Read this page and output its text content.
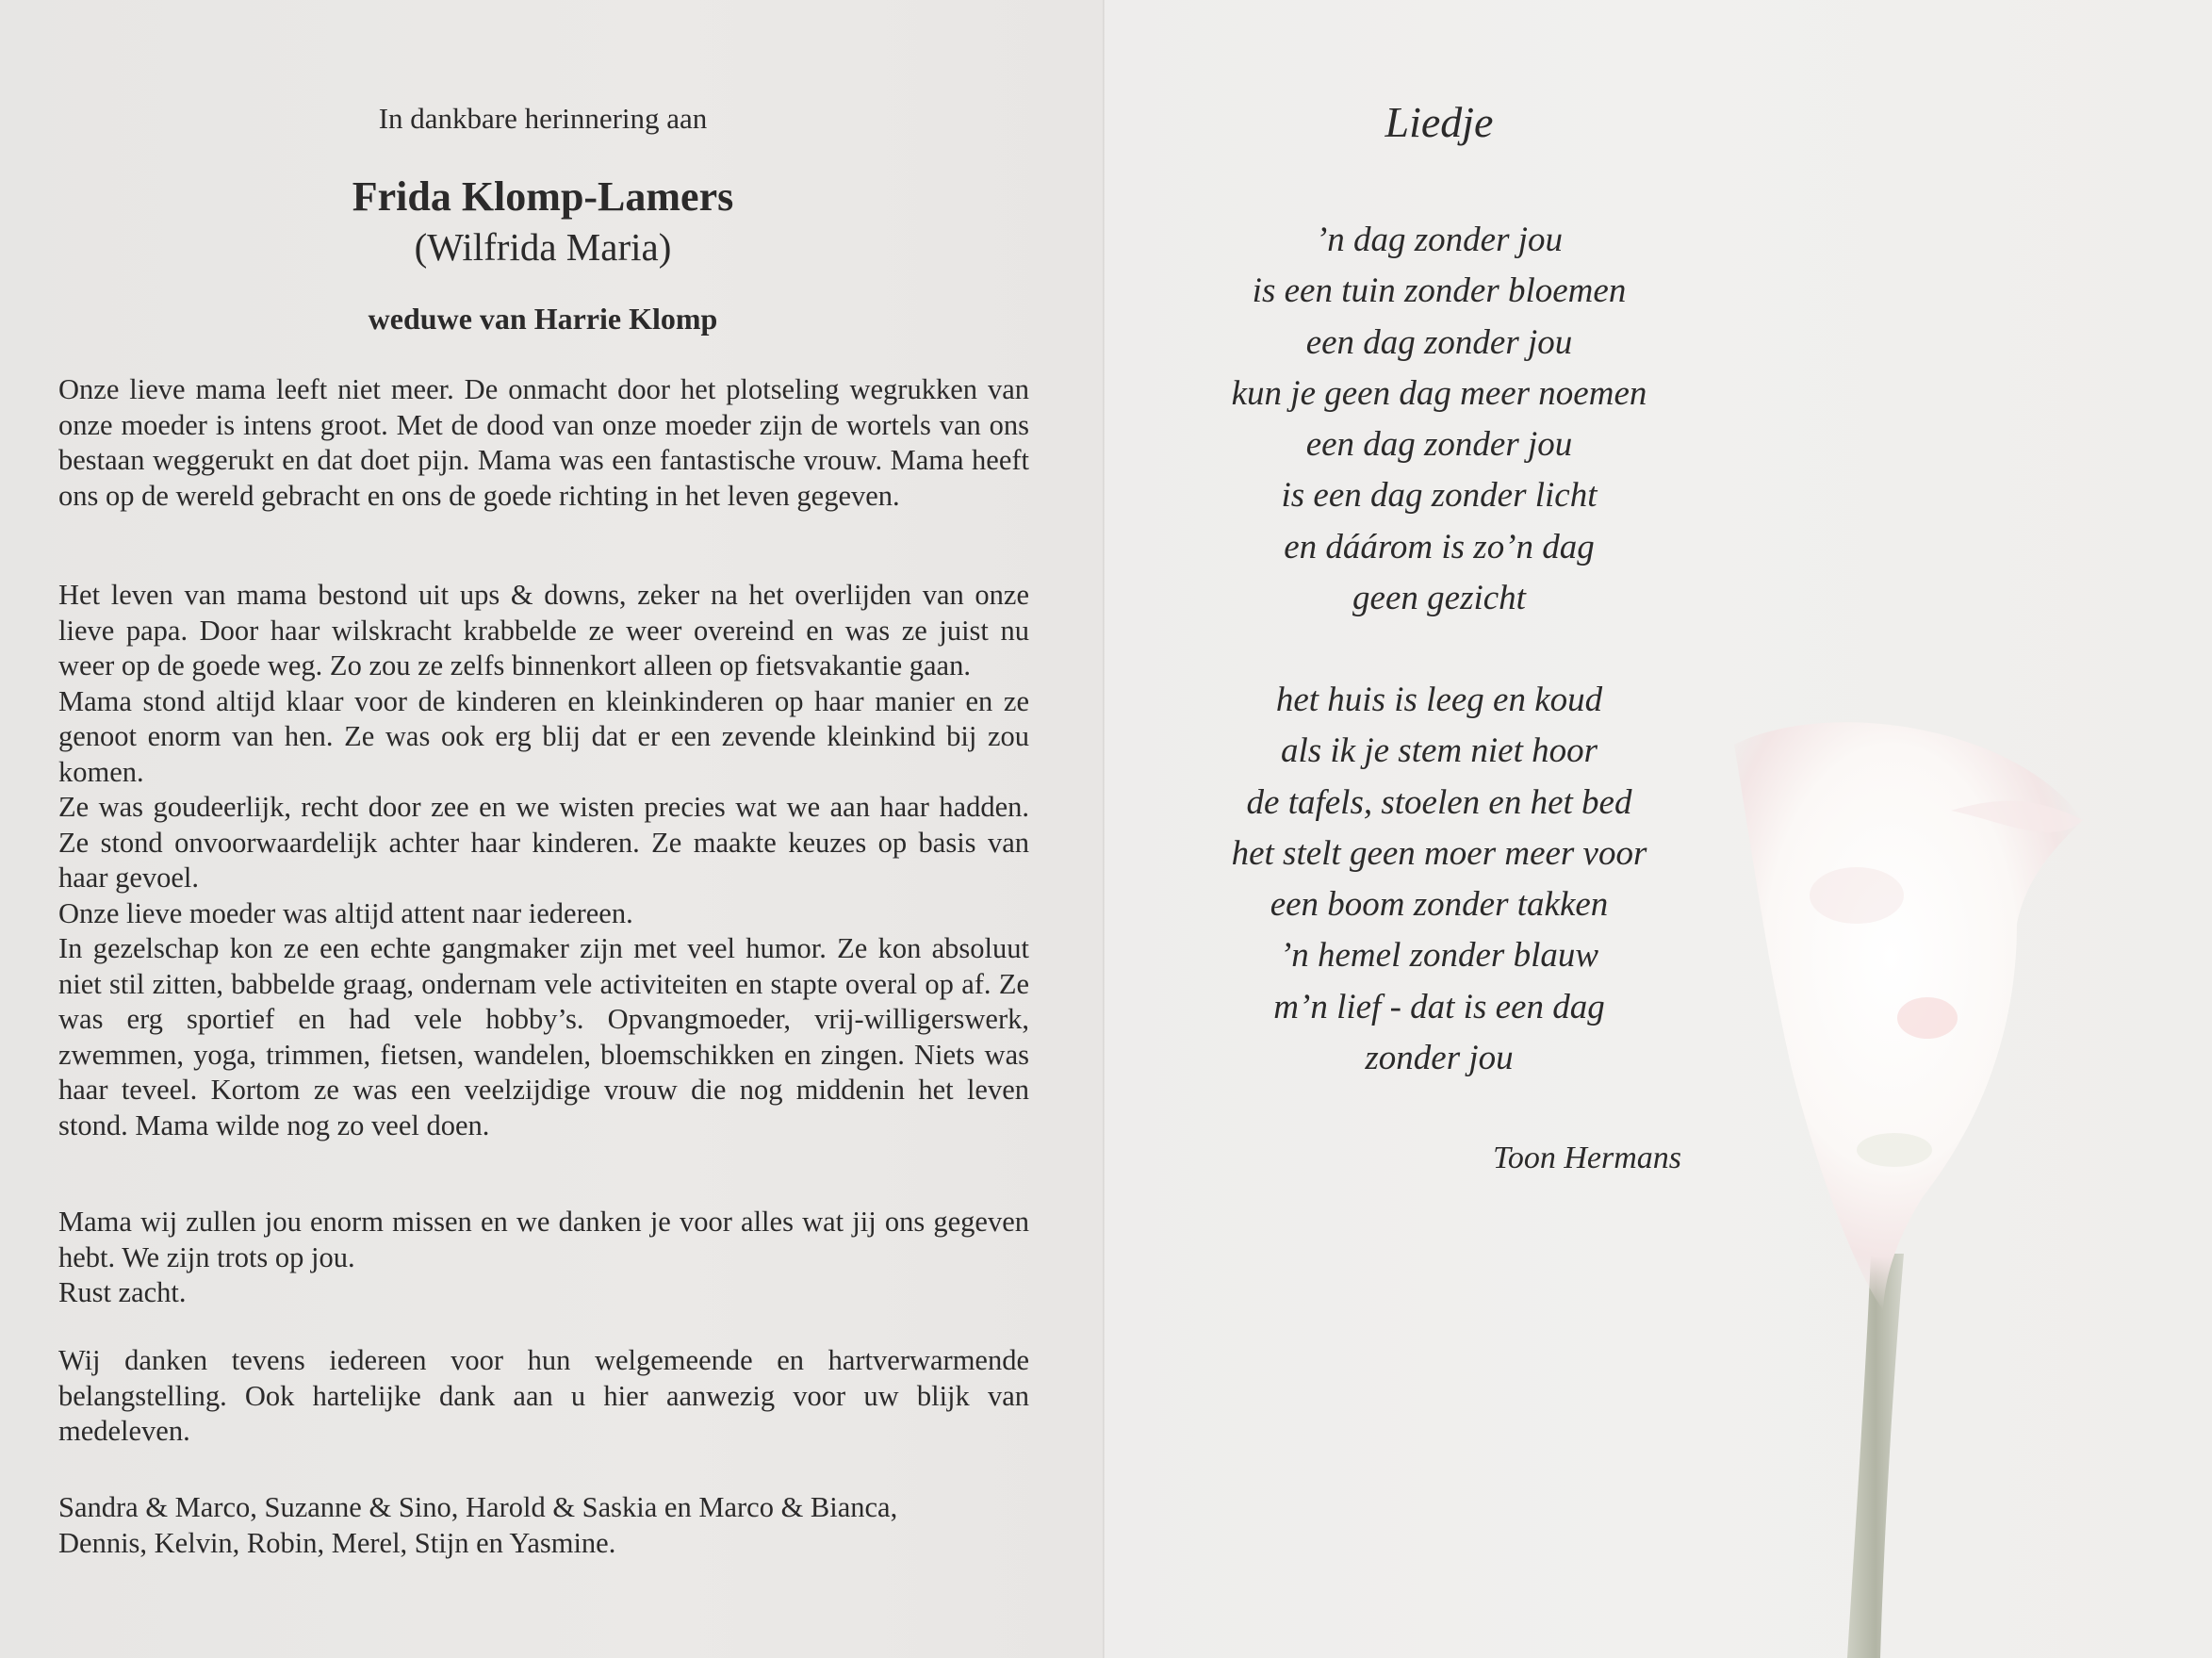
In dankbare herinnering aan
Frida Klomp-Lamers
(Wilfrida Maria)
weduwe van Harrie Klomp

Onze lieve mama leeft niet meer. De onmacht door het plotseling wegrukken van onze moeder is intens groot. Met de dood van onze moeder zijn de wortels van ons bestaan weggerukt en dat doet pijn. Mama was een fantastische vrouw. Mama heeft ons op de wereld gebracht en ons de goede richting in het leven gegeven.

Het leven van mama bestond uit ups & downs, zeker na het overlijden van onze lieve papa. Door haar wilskracht krabbelde ze weer overeind en was ze juist nu weer op de goede weg. Zo zou ze zelfs binnenkort alleen op fietsvakantie gaan.

Mama stond altijd klaar voor de kinderen en kleinkinderen op haar manier en ze genoot enorm van hen. Ze was ook erg blij dat er een zevende kleinkind bij zou komen.

Ze was goudeerlijk, recht door zee en we wisten precies wat we aan haar hadden. Ze stond onvoorwaardelijk achter haar kinderen. Ze maakte keuzes op basis van haar gevoel.

Onze lieve moeder was altijd attent naar iedereen.

In gezelschap kon ze een echte gangmaker zijn met veel humor. Ze kon absoluut niet stil zitten, babbelde graag, ondernam vele activiteiten en stapte overal op af. Ze was erg sportief en had vele hobby’s. Opvangmoeder, vrij-willigerswerk, zwemmen, yoga, trimmen, fietsen, wandelen, bloemschikken en zingen. Niets was haar teveel. Kortom ze was een veelzijdige vrouw die nog middenin het leven stond. Mama wilde nog zo veel doen.

Mama wij zullen jou enorm missen en we danken je voor alles wat jij ons gegeven hebt. We zijn trots op jou.

Rust zacht.

Wij danken tevens iedereen voor hun welgemeende en hartverwarmende belangstelling. Ook hartelijke dank aan u hier aanwezig voor uw blijk van medeleven.

Sandra & Marco, Suzanne & Sino, Harold & Saskia en Marco & Bianca,

Dennis, Kelvin, Robin, Merel, Stijn en Yasmine.

Liedje
’n dag zonder jou
is een tuin zonder bloemen
een dag zonder jou
kun je geen dag meer noemen
een dag zonder jou
is een dag zonder licht
en dáárom is zo’n dag
geen gezicht
het huis is leeg en koud
als ik je stem niet hoor
de tafels, stoelen en het bed
het stelt geen moer meer voor
een boom zonder takken
’n hemel zonder blauw
m’n lief - dat is een dag
zonder jou
Toon Hermans
